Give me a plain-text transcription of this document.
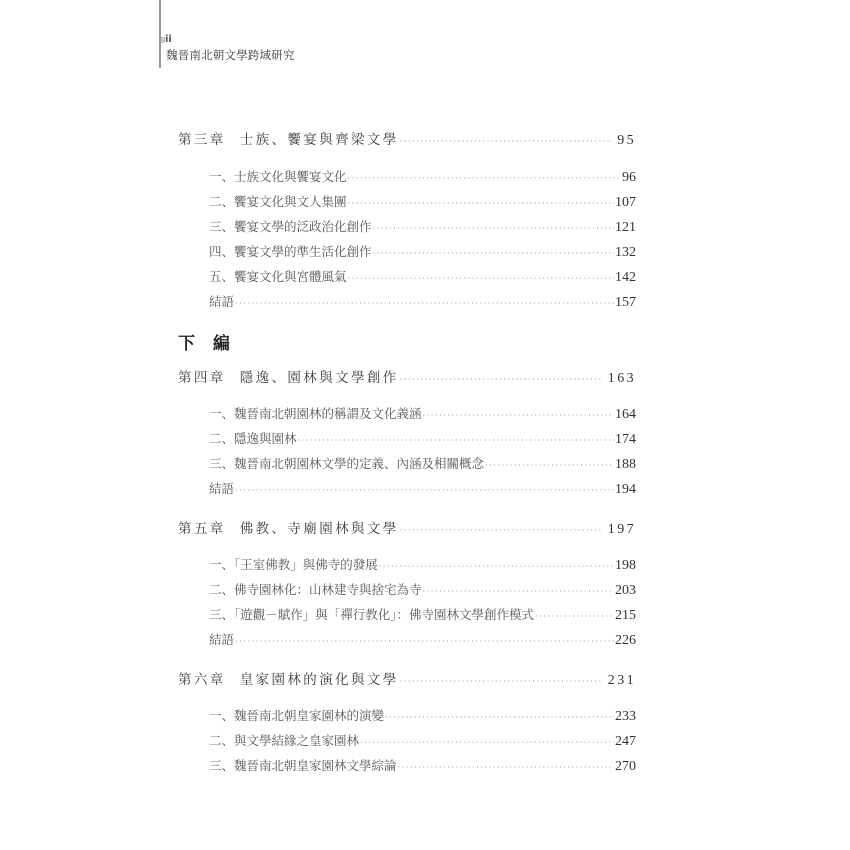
ii
魏晉南北朝文學跨域研究
第三章 士族、饗宴與齊梁文學 ·····	95
一、士族文化與饗宴文化 ·····	96
二、饗宴文化與文人集團 ·····	107
三、饗宴文學的泛政治化創作 ·····	121
四、饗宴文學的準生活化創作 ·····	132
五、饗宴文化與宮體風氣 ·····	142
結語 ·····	157
第四章 隱逸、園林與文學創作 ·····	163
一、魏晉南北朝園林的稱謂及文化義涵 ·····	164
二、隱逸與園林 ·····	174
三、魏晉南北朝園林文學的定義、內涵及相關概念 ·····	188
結語 ·····	194
第五章 佛教、寺廟園林與文學 ·····	197
一、「王室佛教」與佛寺的發展 ·····	198
二、佛寺園林化：山林建寺與捨宅為寺 ·····	203
三、「遊觀－賦作」與「禪行教化」：佛寺園林文學創作模式 ·····	215
結語 ·····	226
第六章 皇家園林的演化與文學 ·····	231
一、魏晉南北朝皇家園林的演變 ·····	233
二、與文學結緣之皇家園林 ·····	247
三、魏晉南北朝皇家園林文學綜論 ·····	270
下 編
